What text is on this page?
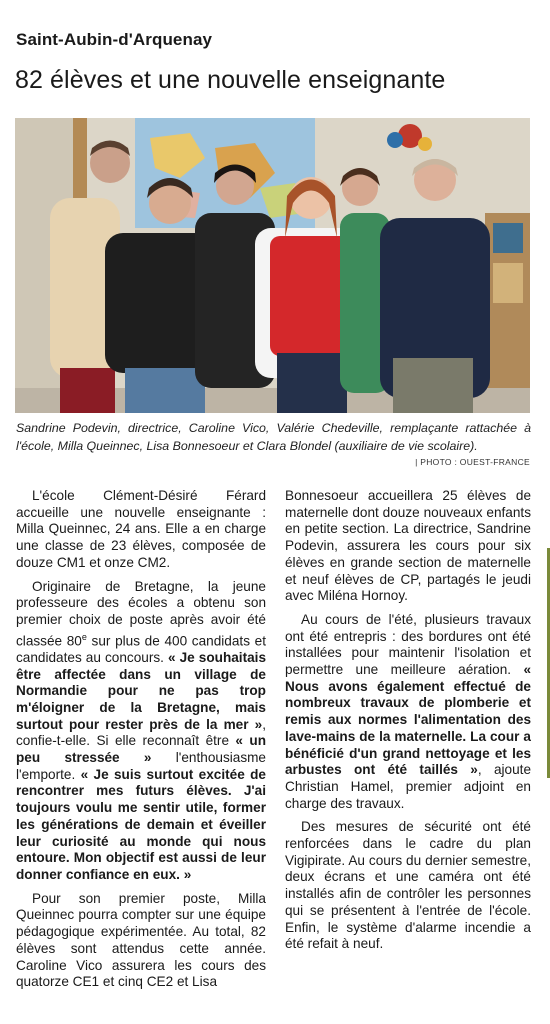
Saint-Aubin-d'Arquenay
82 élèves et une nouvelle enseignante
Sandrine Podevin, directrice, Caroline Vico, Valérie Chedeville, remplaçante rattachée à l'école, Milla Queinnec, Lisa Bonnesoeur et Clara Blondel (auxiliaire de vie scolaire).
| PHOTO : OUEST-FRANCE

L'école Clément-Désiré Férard accueille une nouvelle enseignante : Milla Queinnec, 24 ans. Elle a en charge une classe de 23 élèves, composée de douze CM1 et onze CM2.

Originaire de Bretagne, la jeune professeure des écoles a obtenu son premier choix de poste après avoir été classée 80e sur plus de 400 candidats et candidates au concours. « Je souhaitais être affectée dans un village de Normandie pour ne pas trop m'éloigner de la Bretagne, mais surtout pour rester près de la mer », confie-t-elle. Si elle reconnaît être « un peu stressée » l'enthousiasme l'emporte. « Je suis surtout excitée de rencontrer mes futurs élèves. J'ai toujours voulu me sentir utile, former les générations de demain et éveiller leur curiosité au monde qui nous entoure. Mon objectif est aussi de leur donner confiance en eux. »

Pour son premier poste, Milla Queinnec pourra compter sur une équipe pédagogique expérimentée. Au total, 82 élèves sont attendus cette année. Caroline Vico assurera les cours des quatorze CE1 et cinq CE2 et Lisa

Bonnesoeur accueillera 25 élèves de maternelle dont douze nouveaux enfants en petite section. La directrice, Sandrine Podevin, assurera les cours pour six élèves en grande section de maternelle et neuf élèves de CP, partagés le jeudi avec Miléna Hornoy.

Au cours de l'été, plusieurs travaux ont été entrepris : des bordures ont été installées pour maintenir l'isolation et permettre une meilleure aération. « Nous avons également effectué de nombreux travaux de plomberie et remis aux normes l'alimentation des lave-mains de la maternelle. La cour a bénéficié d'un grand nettoyage et les arbustes ont été taillés », ajoute Christian Hamel, premier adjoint en charge des travaux.

Des mesures de sécurité ont été renforcées dans le cadre du plan Vigipirate. Au cours du dernier semestre, deux écrans et une caméra ont été installés afin de contrôler les personnes qui se présentent à l'entrée de l'école. Enfin, le système d'alarme incendie a été refait à neuf.
